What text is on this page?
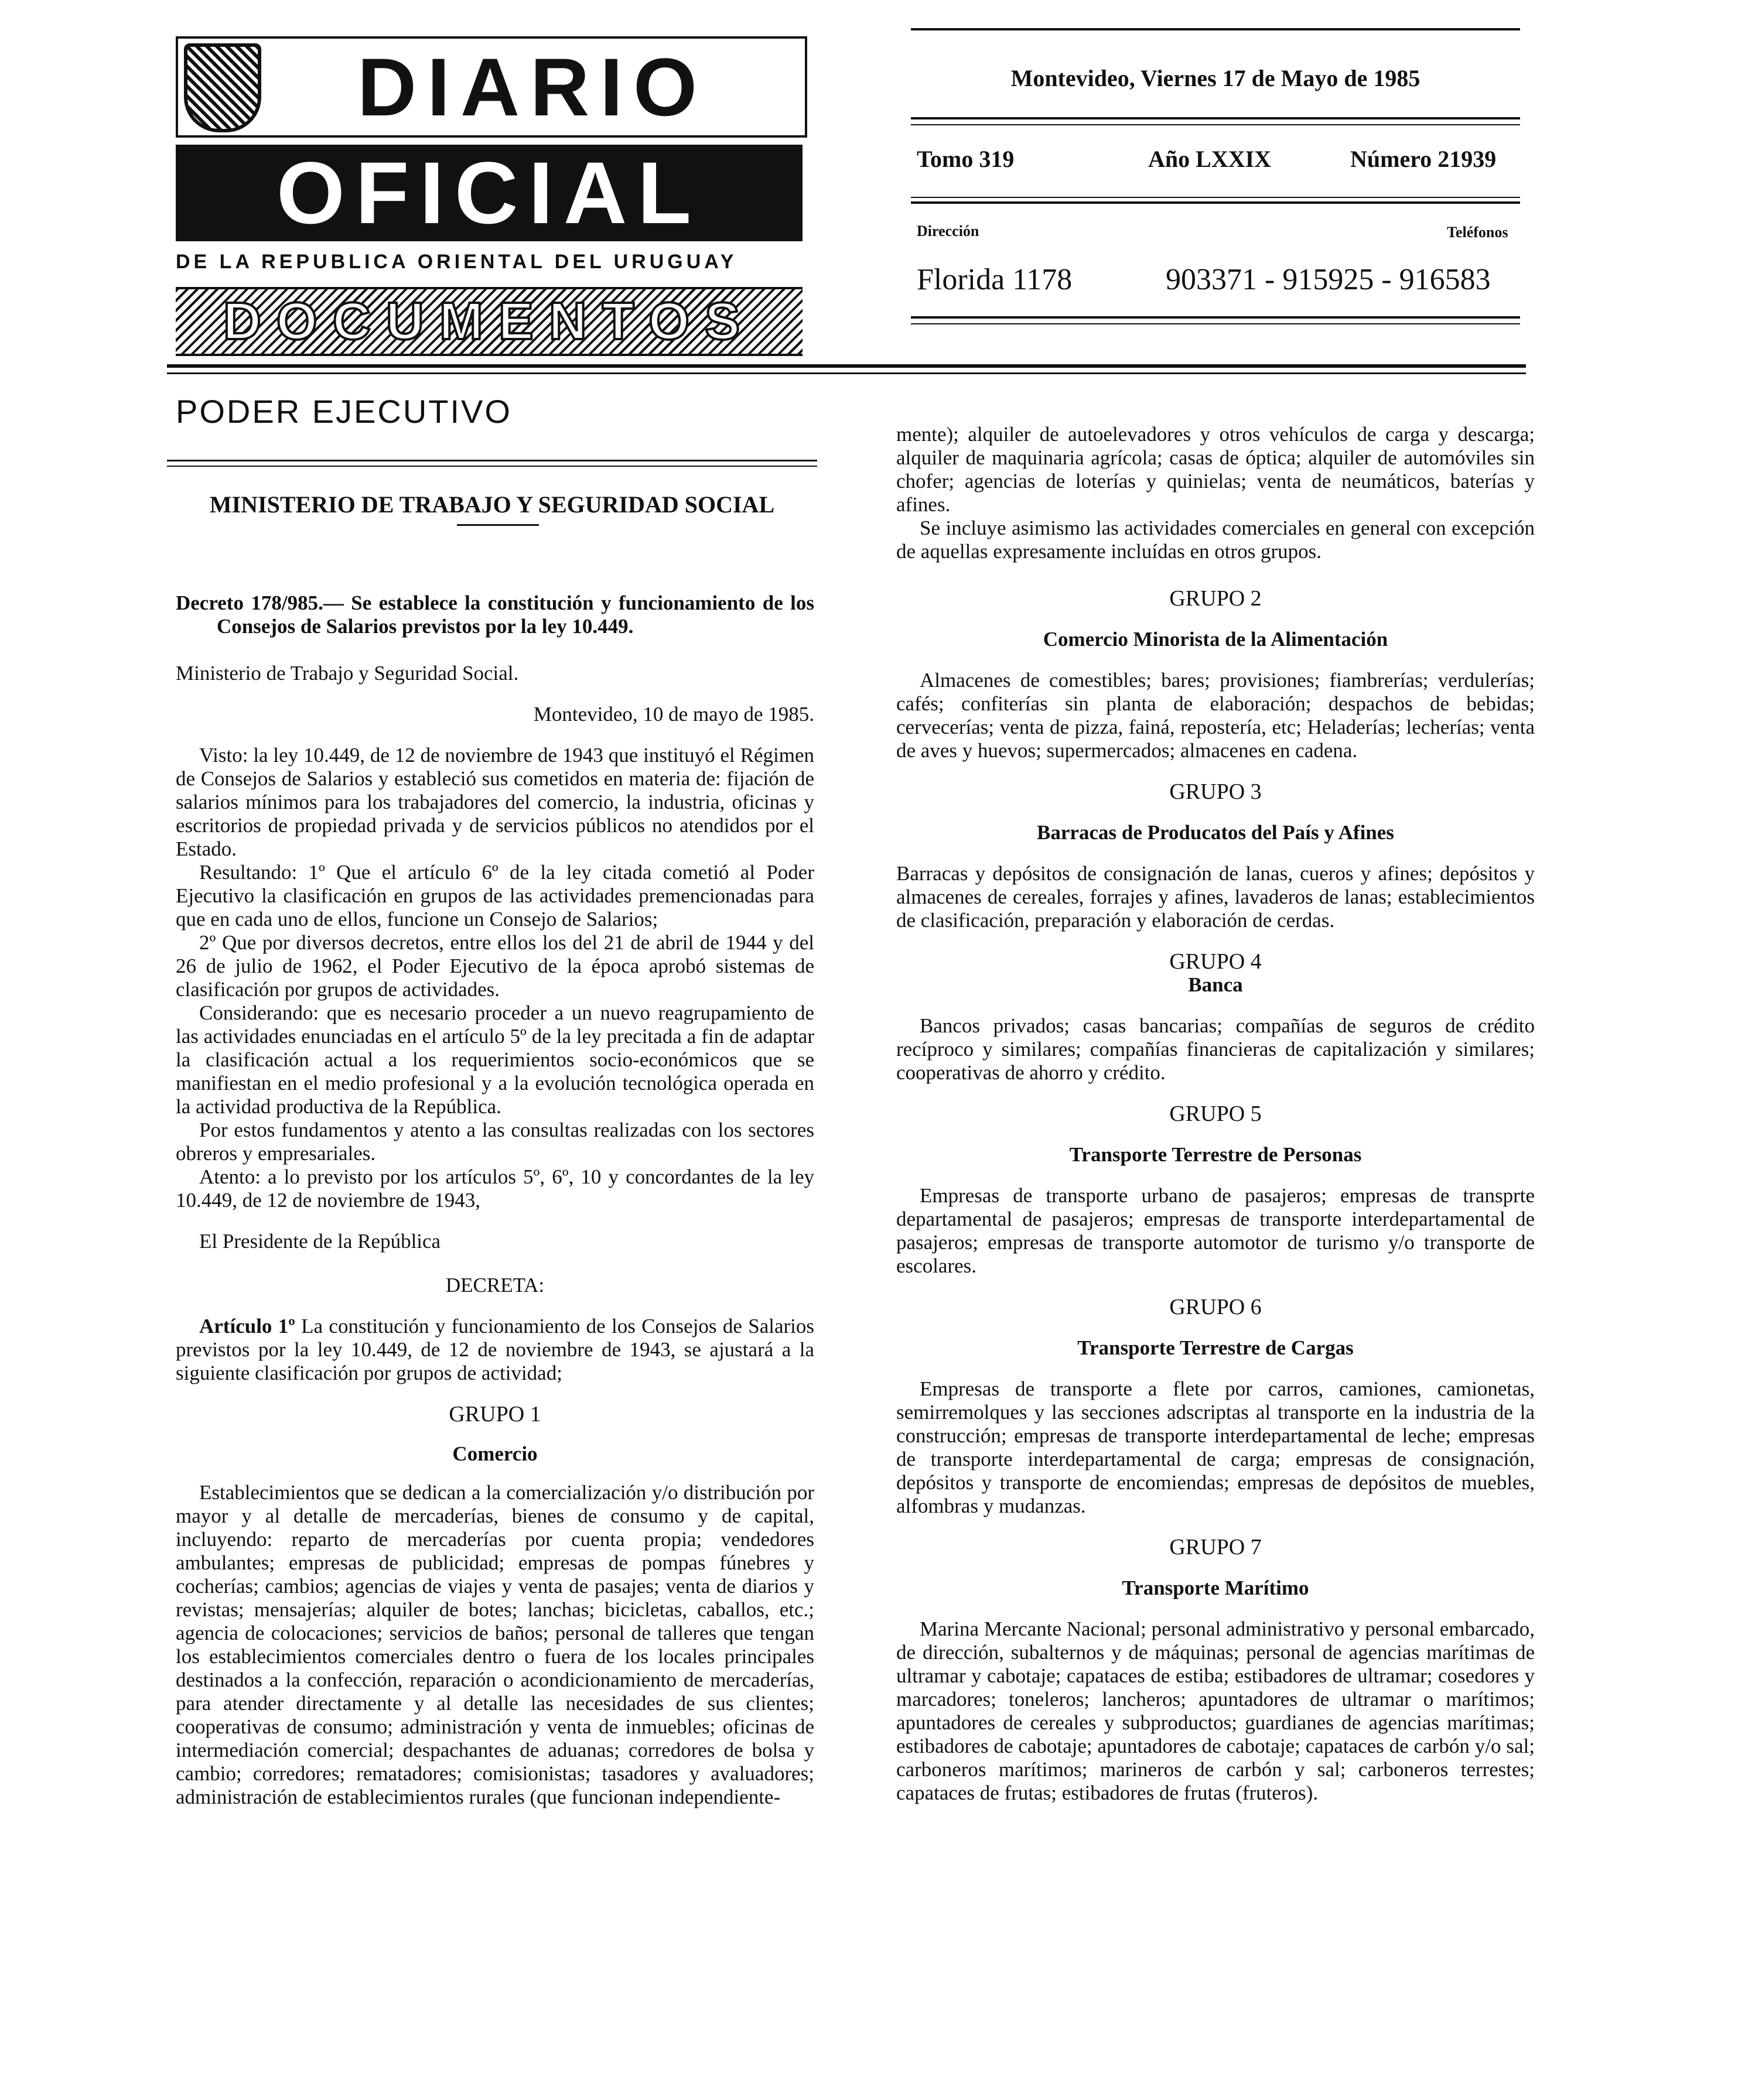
DIARIO
OFICIAL
DE LA REPUBLICA ORIENTAL DEL URUGUAY
DOCUMENTOS
Montevideo, Viernes 17 de Mayo de 1985
Tomo 319	Año LXXIX	Número 21939
Dirección	Teléfonos
Florida 1178	903371 - 915925 - 916583
PODER EJECUTIVO
MINISTERIO DE TRABAJO Y SEGURIDAD SOCIAL

Decreto 178/985.— Se establece la constitución y funcionamiento de los Consejos de Salarios previstos por la ley 10.449.

Ministerio de Trabajo y Seguridad Social.

Montevideo, 10 de mayo de 1985.

Visto: la ley 10.449, de 12 de noviembre de 1943 que instituyó el Régimen de Consejos de Salarios y estableció sus cometidos en materia de: fijación de salarios mínimos para los trabajadores del comercio, la industria, oficinas y escritorios de propiedad privada y de servicios públicos no atendidos por el Estado.

Resultando: 1º Que el artículo 6º de la ley citada cometió al Poder Ejecutivo la clasificación en grupos de las actividades premencionadas para que en cada uno de ellos, funcione un Consejo de Salarios;

2º Que por diversos decretos, entre ellos los del 21 de abril de 1944 y del 26 de julio de 1962, el Poder Ejecutivo de la época aprobó sistemas de clasificación por grupos de actividades.

Considerando: que es necesario proceder a un nuevo reagrupamiento de las actividades enunciadas en el artículo 5º de la ley precitada a fin de adaptar la clasificación actual a los requerimientos socio-económicos que se manifiestan en el medio profesional y a la evolución tecnológica operada en la actividad productiva de la República.

Por estos fundamentos y atento a las consultas realizadas con los sectores obreros y empresariales.

Atento: a lo previsto por los artículos 5º, 6º, 10 y concordantes de la ley 10.449, de 12 de noviembre de 1943,

El Presidente de la República

DECRETA:

Artículo 1º La constitución y funcionamiento de los Consejos de Salarios previstos por la ley 10.449, de 12 de noviembre de 1943, se ajustará a la siguiente clasificación por grupos de actividad;

GRUPO 1

Comercio

Establecimientos que se dedican a la comercialización y/o distribución por mayor y al detalle de mercaderías, bienes de consumo y de capital, incluyendo: reparto de mercaderías por cuenta propia; vendedores ambulantes; empresas de publicidad; empresas de pompas fúnebres y cocherías; cambios; agencias de viajes y venta de pasajes; venta de diarios y revistas; mensajerías; alquiler de botes; lanchas; bicicletas, caballos, etc.; agencia de colocaciones; servicios de baños; personal de talleres que tengan los establecimientos comerciales dentro o fuera de los locales principales destinados a la confección, reparación o acondicionamiento de mercaderías, para atender directamente y al detalle las necesidades de sus clientes; cooperativas de consumo; administración y venta de inmuebles; oficinas de intermediación comercial; despachantes de aduanas; corredores de bolsa y cambio; corredores; rematadores; comisionistas; tasadores y avaluadores; administración de establecimientos rurales (que funcionan independiente-

mente); alquiler de autoelevadores y otros vehículos de carga y descarga; alquiler de maquinaria agrícola; casas de óptica; alquiler de automóviles sin chofer; agencias de loterías y quinielas; venta de neumáticos, baterías y afines.

Se incluye asimismo las actividades comerciales en general con excepción de aquellas expresamente incluídas en otros grupos.

GRUPO 2

Comercio Minorista de la Alimentación

Almacenes de comestibles; bares; provisiones; fiambrerías; verdulerías; cafés; confiterías sin planta de elaboración; despachos de bebidas; cervecerías; venta de pizza, fainá, repostería, etc; Heladerías; lecherías; venta de aves y huevos; supermercados; almacenes en cadena.

GRUPO 3

Barracas de Producatos del País y Afines

Barracas y depósitos de consignación de lanas, cueros y afines; depósitos y almacenes de cereales, forrajes y afines, lavaderos de lanas; establecimientos de clasificación, preparación y elaboración de cerdas.

GRUPO 4

Banca

Bancos privados; casas bancarias; compañías de seguros de crédito recíproco y similares; compañías financieras de capitalización y similares; cooperativas de ahorro y crédito.

GRUPO 5

Transporte Terrestre de Personas

Empresas de transporte urbano de pasajeros; empresas de transprte departamental de pasajeros; empresas de transporte interdepartamental de pasajeros; empresas de transporte automotor de turismo y/o transporte de escolares.

GRUPO 6

Transporte Terrestre de Cargas

Empresas de transporte a flete por carros, camiones, camionetas, semirremolques y las secciones adscriptas al transporte en la industria de la construcción; empresas de transporte interdepartamental de leche; empresas de transporte interdepartamental de carga; empresas de consignación, depósitos y transporte de encomiendas; empresas de depósitos de muebles, alfombras y mudanzas.

GRUPO 7

Transporte Marítimo

Marina Mercante Nacional; personal administrativo y personal embarcado, de dirección, subalternos y de máquinas; personal de agencias marítimas de ultramar y cabotaje; capataces de estiba; estibadores de ultramar; cosedores y marcadores; toneleros; lancheros; apuntadores de ultramar o marítimos; apuntadores de cereales y subproductos; guardianes de agencias marítimas; estibadores de cabotaje; apuntadores de cabotaje; capataces de carbón y/o sal; carboneros marítimos; marineros de carbón y sal; carboneros terrestes; capataces de frutas; estibadores de frutas (fruteros).
